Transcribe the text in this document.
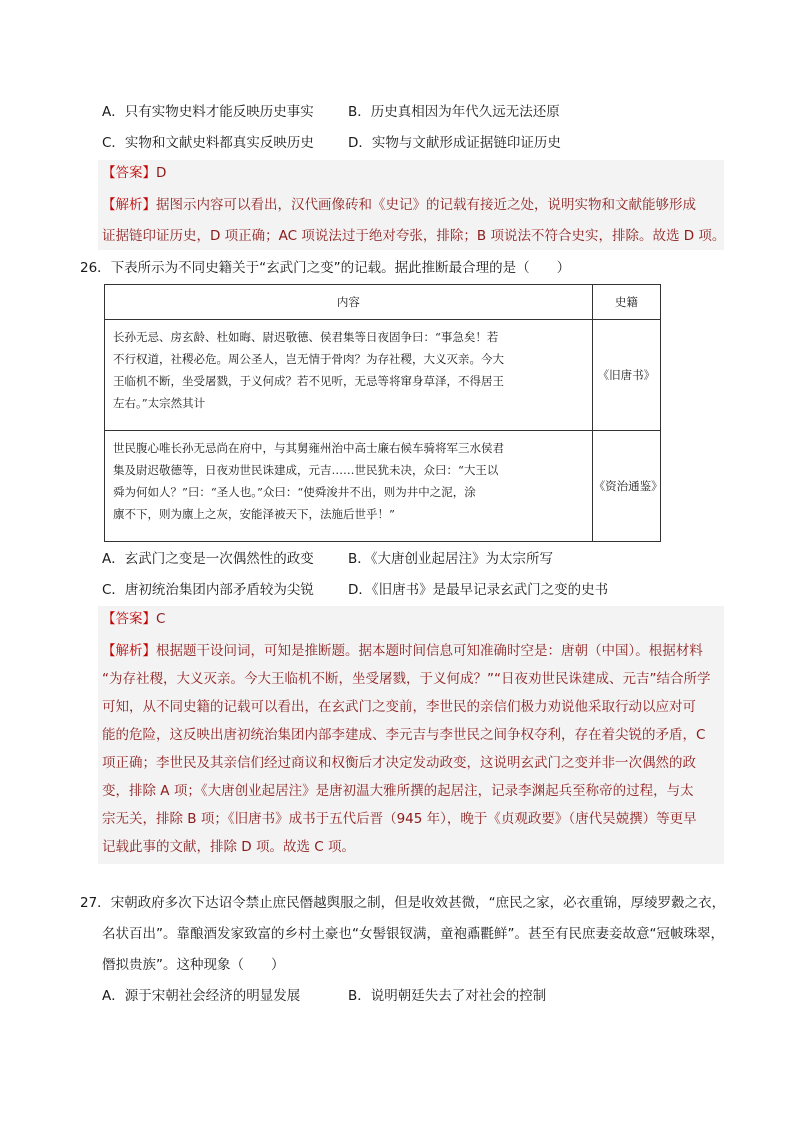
A．只有实物史料才能反映历史事实	B．历史真相因为年代久远无法还原
C．实物和文献史料都真实反映历史	D．实物与文献形成证据链印证历史
【答案】D
【解析】据图示内容可以看出，汉代画像砖和《史记》的记载有接近之处，说明实物和文献能够形成
证据链印证历史，D 项正确；AC 项说法过于绝对夸张，排除；B 项说法不符合史实，排除。故选 D 项。
26．下表所示为不同史籍关于“玄武门之变”的记载。据此推断最合理的是（　　）
内容	史籍

长孙无忌、房玄龄、杜如晦、尉迟敬德、侯君集等日夜固争曰：“事急矣！若
不行权道，社稷必危。周公圣人，岂无情于骨肉？为存社稷，大义灭亲。今大
王临机不断，坐受屠戮，于义何成？若不见听，无忌等将窜身草泽，不得居王
左右。”太宗然其计	《旧唐书》

世民腹心唯长孙无忌尚在府中，与其舅雍州治中高士廉右候车骑将军三水侯君
集及尉迟敬德等，日夜劝世民诛建成，元吉……世民犹未决，众曰：“大王以
舜为何如人？”曰：“圣人也。”众曰：“使舜浚井不出，则为井中之泥，涂
廪不下，则为廪上之灰，安能泽被天下，法施后世乎！”	《资治通鉴》
A．玄武门之变是一次偶然性的政变	B．《大唐创业起居注》为太宗所写
C．唐初统治集团内部矛盾较为尖锐	D．《旧唐书》是最早记录玄武门之变的史书
【答案】C
【解析】根据题干设问词，可知是推断题。据本题时间信息可知准确时空是：唐朝（中国）。根据材料
“为存社稷，大义灭亲。今大王临机不断，坐受屠戮，于义何成？”“日夜劝世民诛建成、元吉”结合所学
可知，从不同史籍的记载可以看出，在玄武门之变前，李世民的亲信们极力劝说他采取行动以应对可
能的危险，这反映出唐初统治集团内部李建成、李元吉与李世民之间争权夺利，存在着尖锐的矛盾，C
项正确；李世民及其亲信们经过商议和权衡后才决定发动政变，这说明玄武门之变并非一次偶然的政
变，排除 A 项；《大唐创业起居注》是唐初温大雅所撰的起居注，记录李渊起兵至称帝的过程，与太
宗无关，排除 B 项；《旧唐书》成书于五代后晋（945 年），晚于《贞观政要》（唐代吴兢撰）等更早
记载此事的文献，排除 D 项。故选 C 项。
27．宋朝政府多次下达诏令禁止庶民僭越舆服之制，但是收效甚微，“庶民之家，必衣重锦，厚绫罗縠之衣，
名状百出”。靠酿酒发家致富的乡村土豪也“女髻银钗满，童袍鼒氍鲜”。甚至有民庶妻妾故意“冠帔珠翠，
僭拟贵族”。这种现象（　　）
A．源于宋朝社会经济的明显发展	B．说明朝廷失去了对社会的控制
